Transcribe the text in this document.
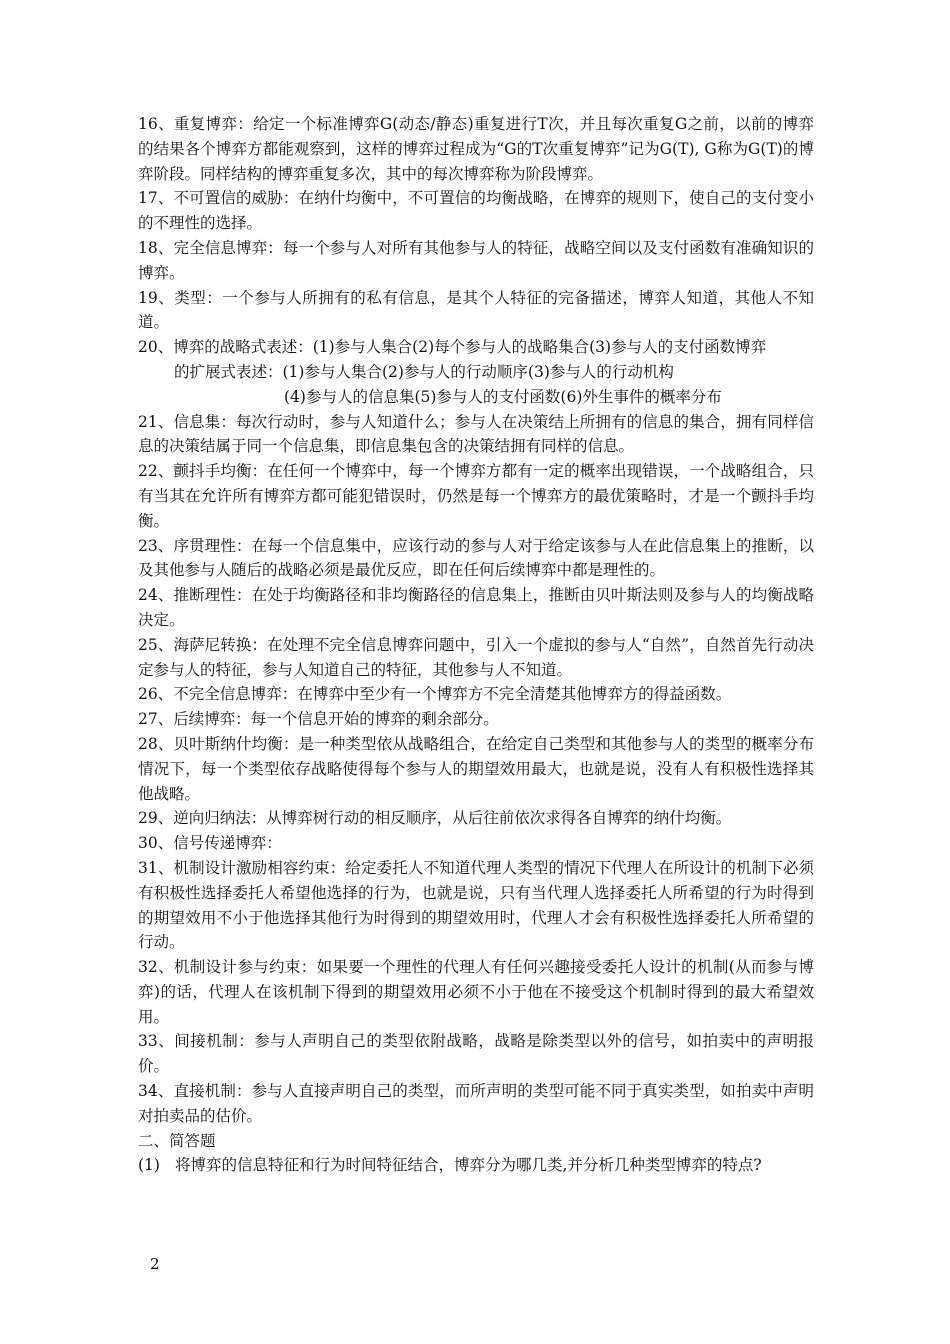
16、重复博弈：给定一个标准博弈G(动态/静态)重复进行T次，并且每次重复G之前，以前的博弈的结果各个博弈方都能观察到，这样的博弈过程成为“G的T次重复博弈”记为G(T), G称为G(T)的博弈阶段。同样结构的博弈重复多次，其中的每次博弈称为阶段博弈。

17、不可置信的威胁：在纳什均衡中，不可置信的均衡战略，在博弈的规则下，使自己的支付变小的不理性的选择。

18、完全信息博弈：每一个参与人对所有其他参与人的特征，战略空间以及支付函数有准确知识的博弈。

19、类型：一个参与人所拥有的私有信息，是其个人特征的完备描述，博弈人知道，其他人不知道。

20、博弈的战略式表述：(1)参与人集合(2)每个参与人的战略集合(3)参与人的支付函数博弈

的扩展式表述：(1)参与人集合(2)参与人的行动顺序(3)参与人的行动机构

(4)参与人的信息集(5)参与人的支付函数(6)外生事件的概率分布

21、信息集：每次行动时，参与人知道什么；参与人在决策结上所拥有的信息的集合，拥有同样信息的决策结属于同一个信息集，即信息集包含的决策结拥有同样的信息。

22、颤抖手均衡：在任何一个博弈中，每一个博弈方都有一定的概率出现错误，一个战略组合，只有当其在允许所有博弈方都可能犯错误时，仍然是每一个博弈方的最优策略时，才是一个颤抖手均衡。

23、序贯理性：在每一个信息集中，应该行动的参与人对于给定该参与人在此信息集上的推断，以及其他参与人随后的战略必须是最优反应，即在任何后续博弈中都是理性的。

24、推断理性：在处于均衡路径和非均衡路径的信息集上，推断由贝叶斯法则及参与人的均衡战略决定。

25、海萨尼转换：在处理不完全信息博弈问题中，引入一个虚拟的参与人“自然”，自然首先行动决定参与人的特征，参与人知道自己的特征，其他参与人不知道。

26、不完全信息博弈：在博弈中至少有一个博弈方不完全清楚其他博弈方的得益函数。

27、后续博弈：每一个信息开始的博弈的剩余部分。

28、贝叶斯纳什均衡：是一种类型依从战略组合，在给定自己类型和其他参与人的类型的概率分布情况下，每一个类型依存战略使得每个参与人的期望效用最大，也就是说，没有人有积极性选择其他战略。

29、逆向归纳法：从博弈树行动的相反顺序，从后往前依次求得各自博弈的纳什均衡。

30、信号传递博弈：

31、机制设计激励相容约束：给定委托人不知道代理人类型的情况下代理人在所设计的机制下必须有积极性选择委托人希望他选择的行为，也就是说，只有当代理人选择委托人所希望的行为时得到的期望效用不小于他选择其他行为时得到的期望效用时，代理人才会有积极性选择委托人所希望的行动。

32、机制设计参与约束：如果要一个理性的代理人有任何兴趣接受委托人设计的机制(从而参与博弈)的话，代理人在该机制下得到的期望效用必须不小于他在不接受这个机制时得到的最大希望效用。

33、间接机制：参与人声明自己的类型依附战略，战略是除类型以外的信号，如拍卖中的声明报价。

34、直接机制：参与人直接声明自己的类型，而所声明的类型可能不同于真实类型，如拍卖中声明对拍卖品的估价。

二、简答题

(1) 将博弈的信息特征和行为时间特征结合，博弈分为哪几类,并分析几种类型博弈的特点?
2
